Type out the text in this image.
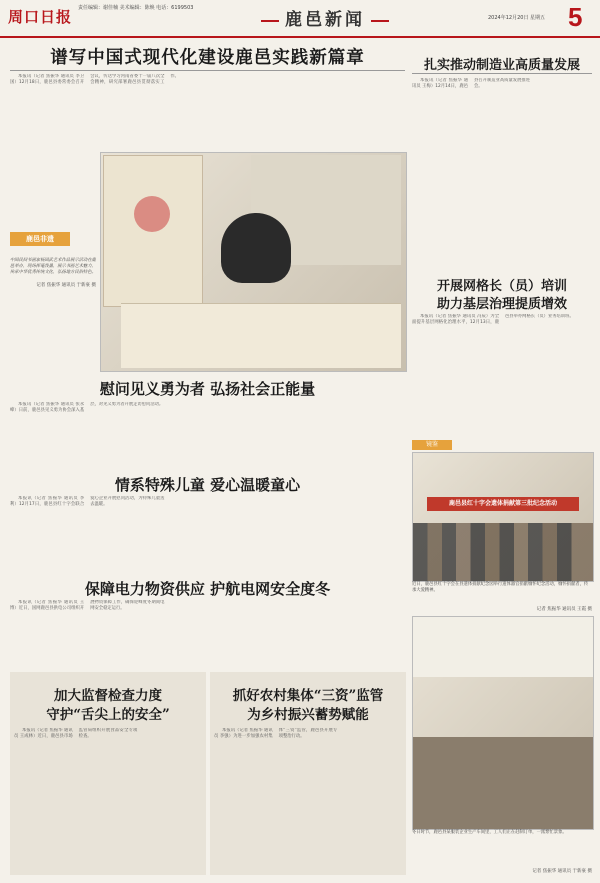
周口日报 责任编辑：谢佳楠 美术编辑：陈焕 电话：6199503
鹿邑新闻	2024年12月20日 星期五 5
谱写中国式现代化建设鹿邑实践新篇章

本报讯（记者 焦振华 通讯员 李卫国）12月18日，鹿邑县委常委会召开会议，传达学习河南省委十一届八次全会精神，研究部署鹿邑县贯彻落实工作。

鹿邑非遗
中国民间书画家杨国武艺术作品展示活动在鹿邑举办，现场挥毫泼墨，展示书画艺术魅力，传承中华优秀传统文化，弘扬地方民俗特色。
记者 焦振华 通讯员 于新豪 摄
扎实推动制造业高质量发展

本报讯（记者 焦振华 通讯员 王梅）12月14日，鹿邑县召开制造业高质量发展推进会。

开展网格长（员）培训
助力基层治理提质增效

本报讯（记者 焦振华 通讯员 冯辰）为全面提升基层网格化治理水平，12月13日，鹿邑县举办网格长（员）业务培训班。

镜鉴
鹿邑县红十字会遗体捐献第三批纪念活动
近日，鹿邑县红十字会在县遗体捐献纪念园举行遗体器官捐献缅怀纪念活动，缅怀捐献者，传承大爱精神。
记者 焦振华 通讯员 王霞 摄
冬日时节，鹿邑县某服装企业生产车间里，工人们正在赶制订单，一派繁忙景象。
记者 焦振华 通讯员 于新豪 摄
慰问见义勇为者 弘扬社会正能量

本报讯（记者 焦振华 通讯员 张永峰）日前，鹿邑县见义勇为协会深入基层，对见义勇为者开展走访慰问活动。

情系特殊儿童 爱心温暖童心

本报讯（记者 焦振华 通讯员 李利）12月17日，鹿邑县红十字会联合爱心企业开展慰问活动，为特殊儿童送去温暖。

保障电力物资供应 护航电网安全度冬

本报讯（记者 焦振华 通讯员 王博）近日，国网鹿邑县供电公司组织开展物资保障工作，确保迎峰度冬期间电网安全稳定运行。

加大监督检查力度
守护“舌尖上的安全”

本报讯（记者 焦振华 通讯员 王成林）近日，鹿邑县市场监管局组织开展食品安全专项检查。

抓好农村集体“三资”监管
为乡村振兴蓄势赋能

本报讯（记者 焦振华 通讯员 李强）为进一步加强农村集体“三资”监管，鹿邑县开展专项整治行动。
